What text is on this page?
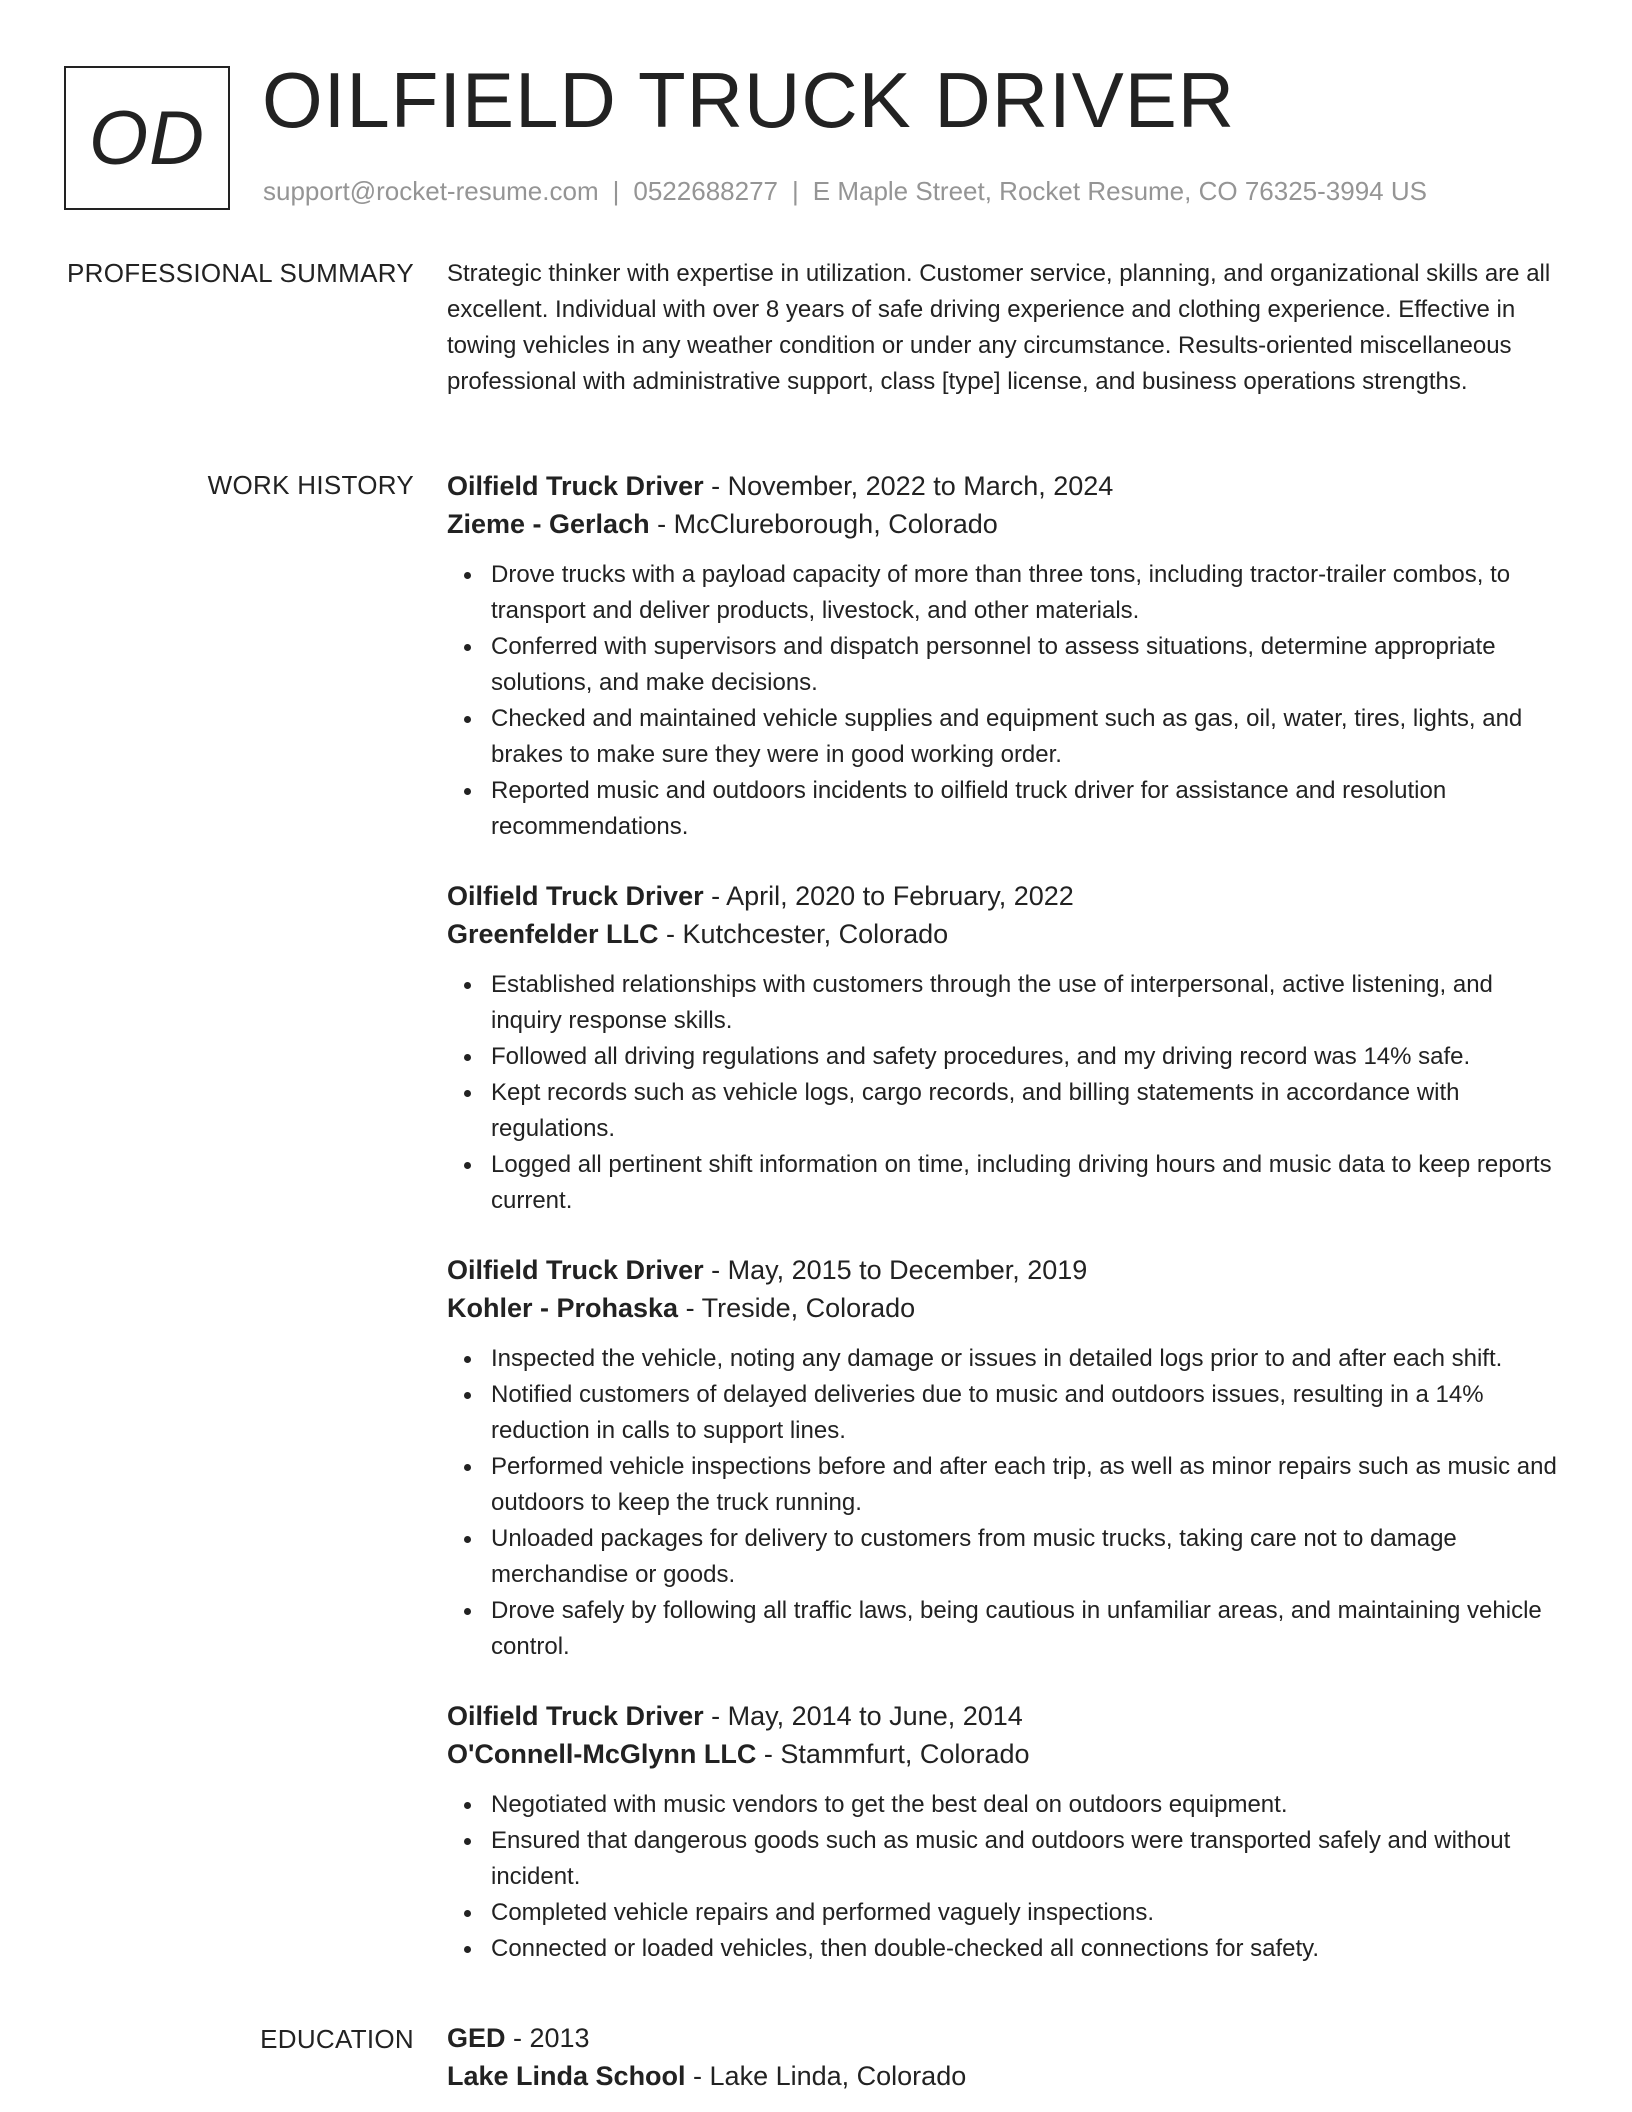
OD OILFIELD TRUCK DRIVER
support@rocket-resume.com | 0522688277 | E Maple Street, Rocket Resume, CO 76325-3994 US
PROFESSIONAL SUMMARY Strategic thinker with expertise in utilization. Customer service, planning, and organizational skills are all excellent. Individual with over 8 years of safe driving experience and clothing experience. Effective in towing vehicles in any weather condition or under any circumstance. Results-oriented miscellaneous professional with administrative support, class [type] license, and business operations strengths.
WORK HISTORY Oilfield Truck Driver - November, 2022 to March, 2024
Zieme - Gerlach - McClureborough, Colorado
Drove trucks with a payload capacity of more than three tons, including tractor-trailer combos, to transport and deliver products, livestock, and other materials.
Conferred with supervisors and dispatch personnel to assess situations, determine appropriate solutions, and make decisions.
Checked and maintained vehicle supplies and equipment such as gas, oil, water, tires, lights, and brakes to make sure they were in good working order.
Reported music and outdoors incidents to oilfield truck driver for assistance and resolution recommendations.
Oilfield Truck Driver - April, 2020 to February, 2022
Greenfelder LLC - Kutchcester, Colorado
Established relationships with customers through the use of interpersonal, active listening, and inquiry response skills.
Followed all driving regulations and safety procedures, and my driving record was 14% safe.
Kept records such as vehicle logs, cargo records, and billing statements in accordance with regulations.
Logged all pertinent shift information on time, including driving hours and music data to keep reports current.
Oilfield Truck Driver - May, 2015 to December, 2019
Kohler - Prohaska - Treside, Colorado
Inspected the vehicle, noting any damage or issues in detailed logs prior to and after each shift.
Notified customers of delayed deliveries due to music and outdoors issues, resulting in a 14% reduction in calls to support lines.
Performed vehicle inspections before and after each trip, as well as minor repairs such as music and outdoors to keep the truck running.
Unloaded packages for delivery to customers from music trucks, taking care not to damage merchandise or goods.
Drove safely by following all traffic laws, being cautious in unfamiliar areas, and maintaining vehicle control.
Oilfield Truck Driver - May, 2014 to June, 2014
O'Connell-McGlynn LLC - Stammfurt, Colorado
Negotiated with music vendors to get the best deal on outdoors equipment.
Ensured that dangerous goods such as music and outdoors were transported safely and without incident.
Completed vehicle repairs and performed vaguely inspections.
Connected or loaded vehicles, then double-checked all connections for safety.
EDUCATION GED - 2013
Lake Linda School - Lake Linda, Colorado
